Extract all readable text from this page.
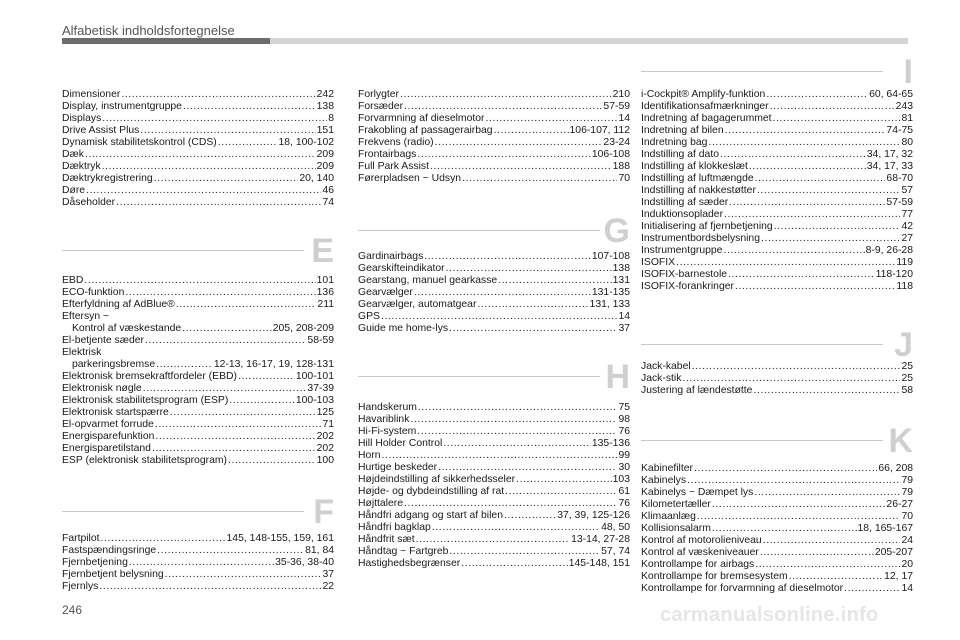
Alfabetisk indholdsfortegnelse
Dimensioner .....	242
Display, instrumentgruppe .....	138
Displays .....	8
Drive Assist Plus .....	151
Dynamisk stabilitetskontrol (CDS) .....	18, 100-102
Dæk .....	209
Dæktryk .....	209
Dæktrykregistrering .....	20, 140
Døre .....	46
Dåseholder .....	74
E
EBD .....	101
ECO-funktion .....	136
Efterfyldning af AdBlue® .....	211
Eftersyn ~
Kontrol af væskestande .....	205, 208-209
El-betjente sæder .....	58-59
Elektrisk
parkeringsbremse .....	12-13, 16-17, 19, 128-131
Elektronisk bremsekraftfordeler (EBD) .....	100-101
Elektronisk nøgle .....	37-39
Elektronisk stabilitetsprogram (ESP) .....	100-103
Elektronisk startspærre .....	125
El-opvarmet forrude .....	71
Energisparefunktion .....	202
Energisparetilstand .....	202
ESP (elektronisk stabilitetsprogram) .....	100
F
Fartpilot .....	145, 148-155, 159, 161
Fastspændingsringe .....	81, 84
Fjernbetjening .....	35-36, 38-40
Fjernbetjent belysning .....	37
Fjernlys .....	22
Forlygter .....	210
Forsæder .....	57-59
Forvarmning af dieselmotor .....	14
Frakobling af passagerairbag .....	106-107, 112
Frekvens (radio) .....	23-24
Frontairbags .....	106-108
Full Park Assist .....	188
Førerpladsen ~ Udsyn .....	70
G
Gardinairbags .....	107-108
Gearskifteindikator .....	138
Gearstang, manuel gearkasse .....	131
Gearvælger .....	131-135
Gearvælger, automatgear .....	131, 133
GPS .....	14
Guide me home-lys .....	37
H
Handskerum .....	75
Havariblink .....	98
Hi-Fi-system .....	76
Hill Holder Control .....	135-136
Horn .....	99
Hurtige beskeder .....	30
Højdeindstilling af sikkerhedsseler .....	103
Højde- og dybdeindstilling af rat .....	61
Højttalere .....	76
Håndfri adgang og start af bilen .....	37, 39, 125-126
Håndfri bagklap .....	48, 50
Håndfrit sæt .....	13-14, 27-28
Håndtag ~ Fartgreb .....	57, 74
Hastighedsbegrænser .....	145-148, 151
I
i-Cockpit® Amplify-funktion .....	60, 64-65
Identifikationsafmærkninger .....	243
Indretning af bagagerummet .....	81
Indretning af bilen .....	74-75
Indretning bag .....	80
Indstilling af dato .....	34, 17, 32
Indstilling af klokkeslæt .....	34, 17, 33
Indstilling af luftmængde .....	68-70
Indstilling af nakkestøtter .....	57
Indstilling af sæder .....	57-59
Induktionsoplader .....	77
Initialisering af fjernbetjening .....	42
Instrumentbordsbelysning .....	27
Instrumentgruppe .....	8-9, 26-28
ISOFIX .....	119
ISOFIX-barnestole .....	118-120
ISOFIX-forankringer .....	118
J
Jack-kabel .....	25
Jack-stik .....	25
Justering af lændestøtte .....	58
K
Kabinefilter .....	66, 208
Kabinelys .....	79
Kabinelys ~ Dæmpet lys .....	79
Kilometertæller .....	26-27
Klimaanlæg .....	70
Kollisionsalarm .....	18, 165-167
Kontrol af motorolieniveau .....	24
Kontrol af væskeniveauer .....	205-207
Kontrollampe for airbags .....	20
Kontrollampe for bremsesystem .....	12, 17
Kontrollampe for forvarmning af dieselmotor .....	14
246	carmanualsonline.info
